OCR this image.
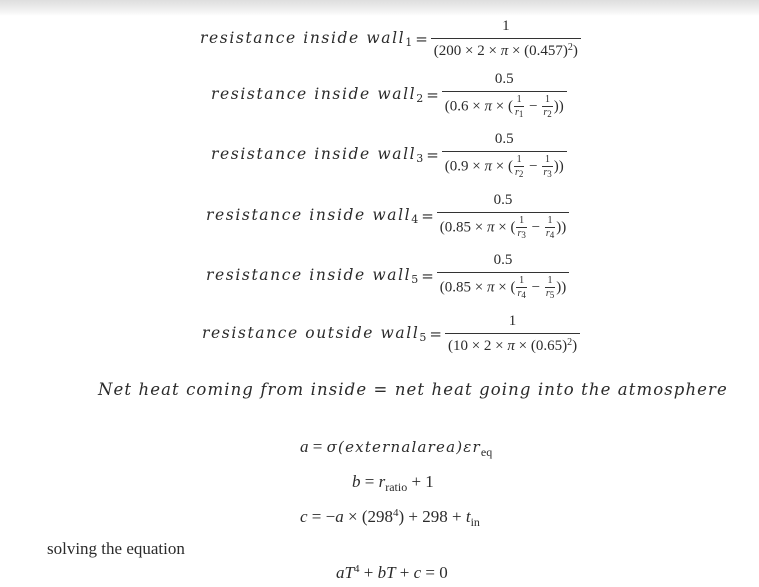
resistance inside wall$_1$ = $\frac{1}{(200 \times 2 \times \pi \times (0.457)^2)}$
resistance inside wall$_2$ = $\frac{0.5}{(0.6 \times \pi \times ( \frac{1}{r_1} - \frac{1}{r_2} ))}$
resistance inside wall$_3$ = $\frac{0.5}{(0.9 \times \pi \times ( \frac{1}{r_2} - \frac{1}{r_3} ))}$
resistance inside wall$_4$ = $\frac{0.5}{(0.85 \times \pi \times ( \frac{1}{r_3} - \frac{1}{r_4} ))}$
resistance inside wall$_5$ = $\frac{0.5}{(0.85 \times \pi \times ( \frac{1}{r_4} - \frac{1}{r_5} ))}$
resistance outside wall$_5$ = $\frac{1}{(10 \times 2 \times \pi \times (0.65)^2)}$
Net heat coming from inside = net heat going into the atmosphere
$a = \sigma(externalarea)\varepsilon r_{eq}$
$b = r_{ratio} + 1$
$c = -a \times (298^4) + 298 + t_{in}$
solving the equation
$aT^4$ + bT + c = 0
